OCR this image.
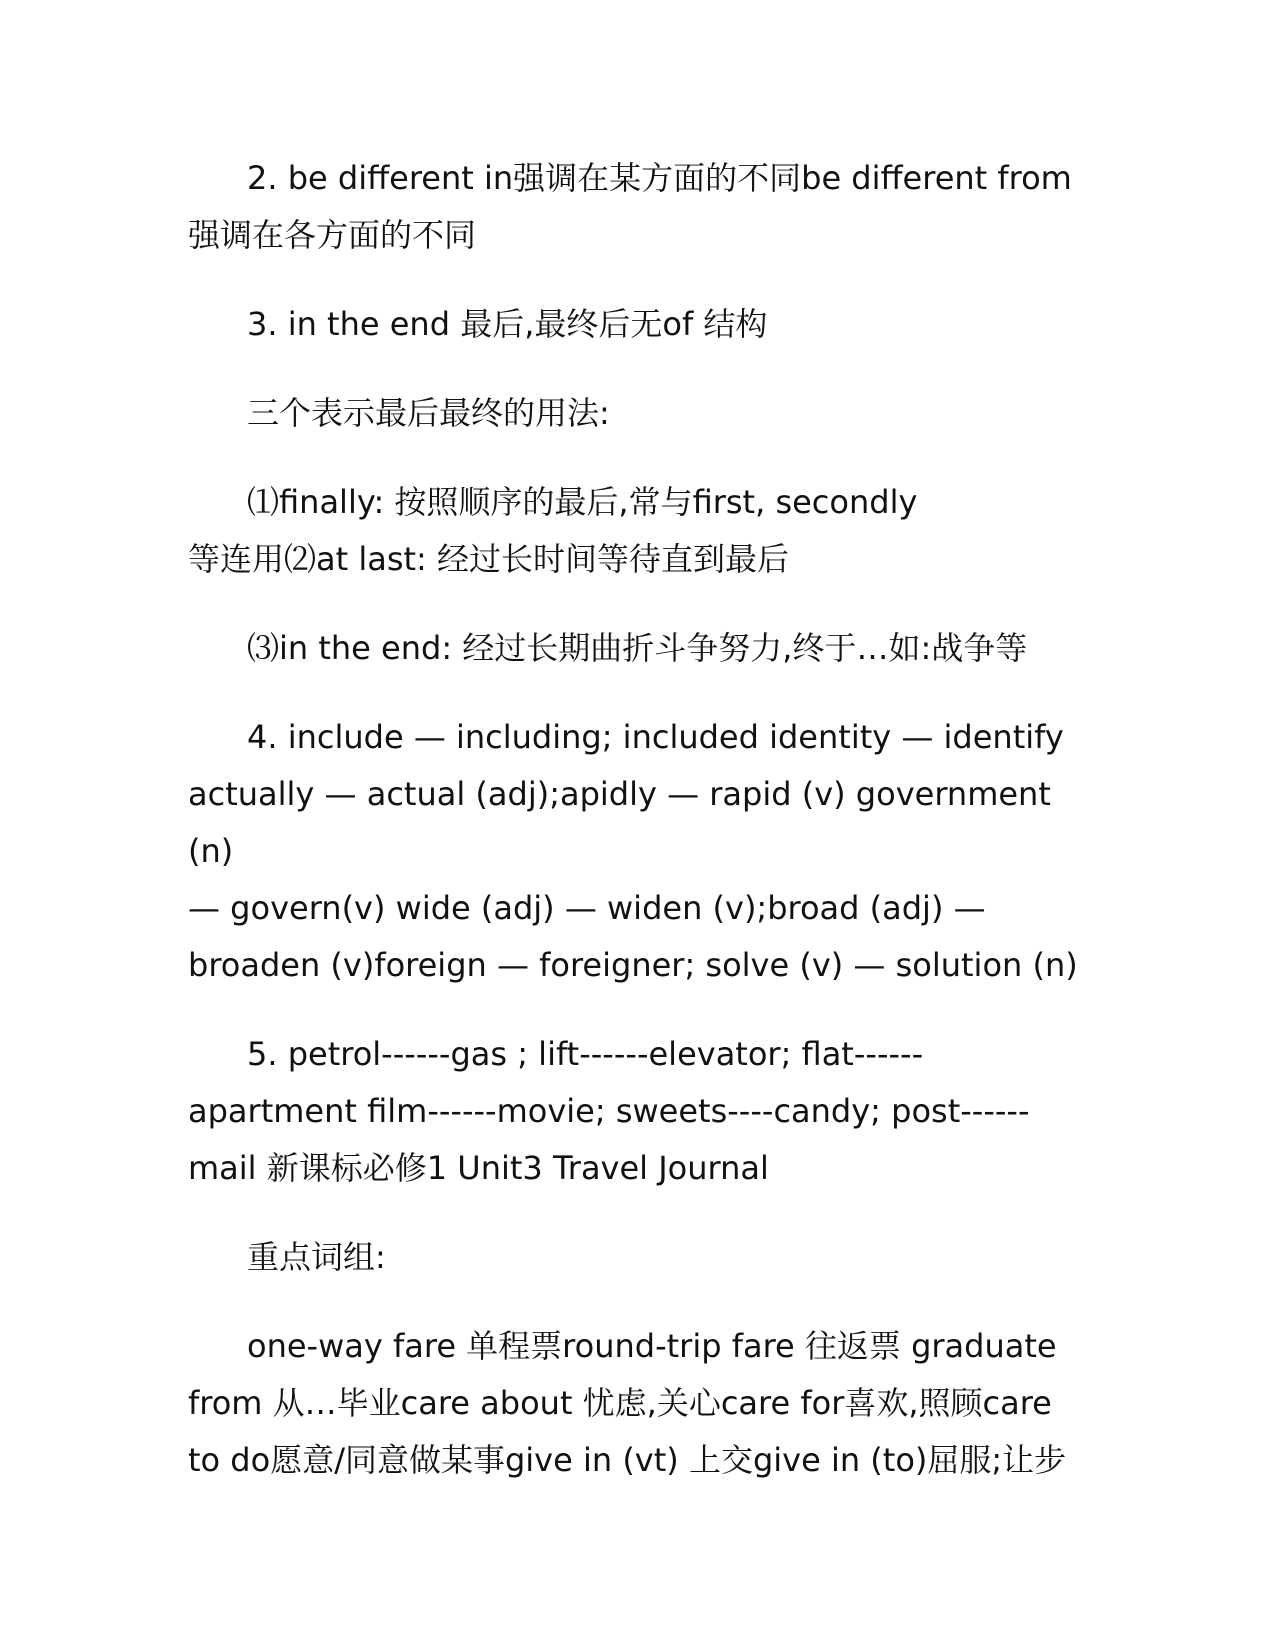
2. be different in强调在某方面的不同be different from
强调在各方面的不同

3. in the end 最后,最终后无of 结构

三个表示最后最终的用法:

⑴finally: 按照顺序的最后,常与first, secondly
等连用⑵at last: 经过长时间等待直到最后

⑶in the end: 经过长期曲折斗争努力,终于…如:战争等

4. include — including; included identity — identify
actually — actual (adj);apidly — rapid (v) government (n)
— govern(v) wide (adj) — widen (v);broad (adj) —
broaden (v)foreign — foreigner; solve (v) — solution (n)

5. petrol------gas ; lift------elevator; flat------
apartment film------movie; sweets----candy; post------
mail 新课标必修1 Unit3 Travel Journal

重点词组:

one-way fare 单程票round-trip fare 往返票 graduate
from 从…毕业care about 忧虑,关心care for喜欢,照顾care
to do愿意/同意做某事give in (vt) 上交give in (to)屈服;让步
